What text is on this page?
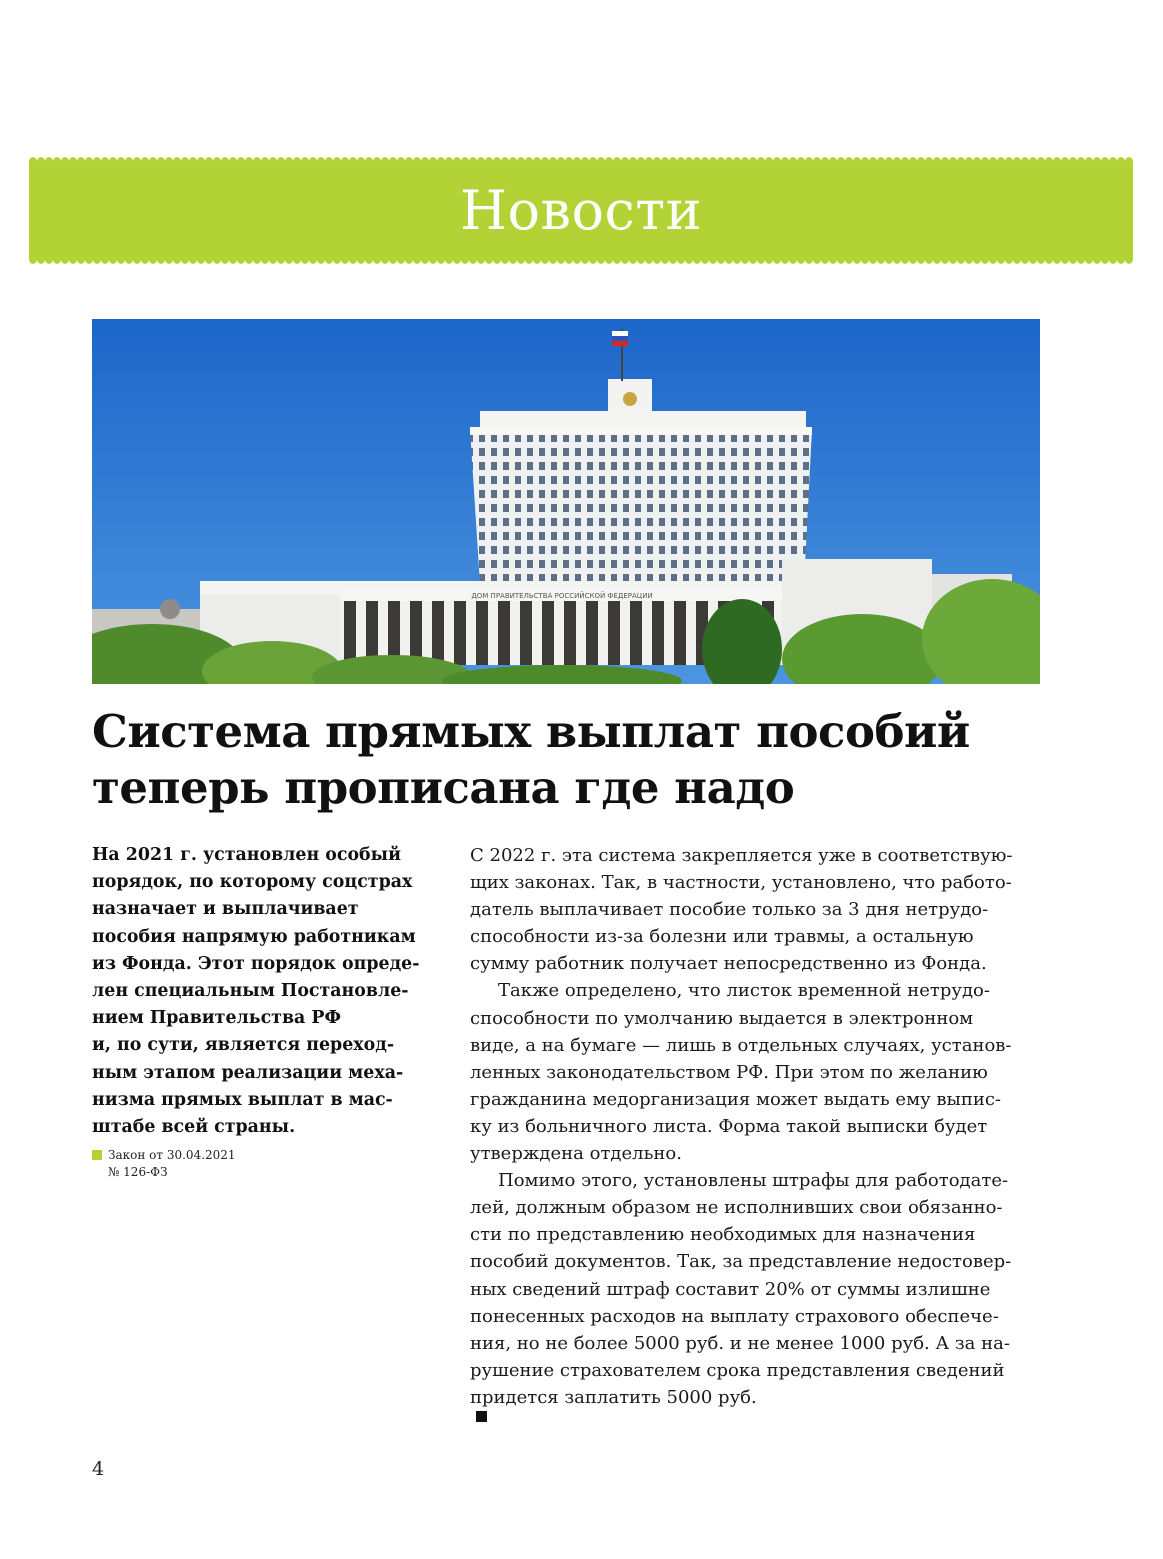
Новости
ДОМ ПРАВИТЕЛЬСТВА РОССИЙСКОЙ ФЕДЕРАЦИИ
Система прямых выплат пособий
теперь прописана где надо
На 2021 г. установлен особый
порядок, по которому соцстрах
назначает и выплачивает
пособия напрямую работникам
из Фонда. Этот порядок опреде-
лен специальным Постановле-
нием Правительства РФ
и, по сути, является переход-
ным этапом реализации меха-
низма прямых выплат в мас-
штабе всей страны.
Закон от 30.04.2021
№ 126-ФЗ
С 2022 г. эта система закрепляется уже в соответствую-
щих законах. Так, в частности, установлено, что работо-
датель выплачивает пособие только за 3 дня нетрудо-
способности из-за болезни или травмы, а остальную
сумму работник получает непосредственно из Фонда.
Также определено, что листок временной нетрудо-
способности по умолчанию выдается в электронном
виде, а на бумаге — лишь в отдельных случаях, установ-
ленных законодательством РФ. При этом по желанию
гражданина медорганизация может выдать ему выпис-
ку из больничного листа. Форма такой выписки будет
утверждена отдельно.
Помимо этого, установлены штрафы для работодате-
лей, должным образом не исполнивших свои обязанно-
сти по представлению необходимых для назначения
пособий документов. Так, за представление недостовер-
ных сведений штраф составит 20% от суммы излишне
понесенных расходов на выплату страхового обеспече-
ния, но не более 5000 руб. и не менее 1000 руб. А за на-
рушение страхователем срока представления сведений
придется заплатить 5000 руб.
4
